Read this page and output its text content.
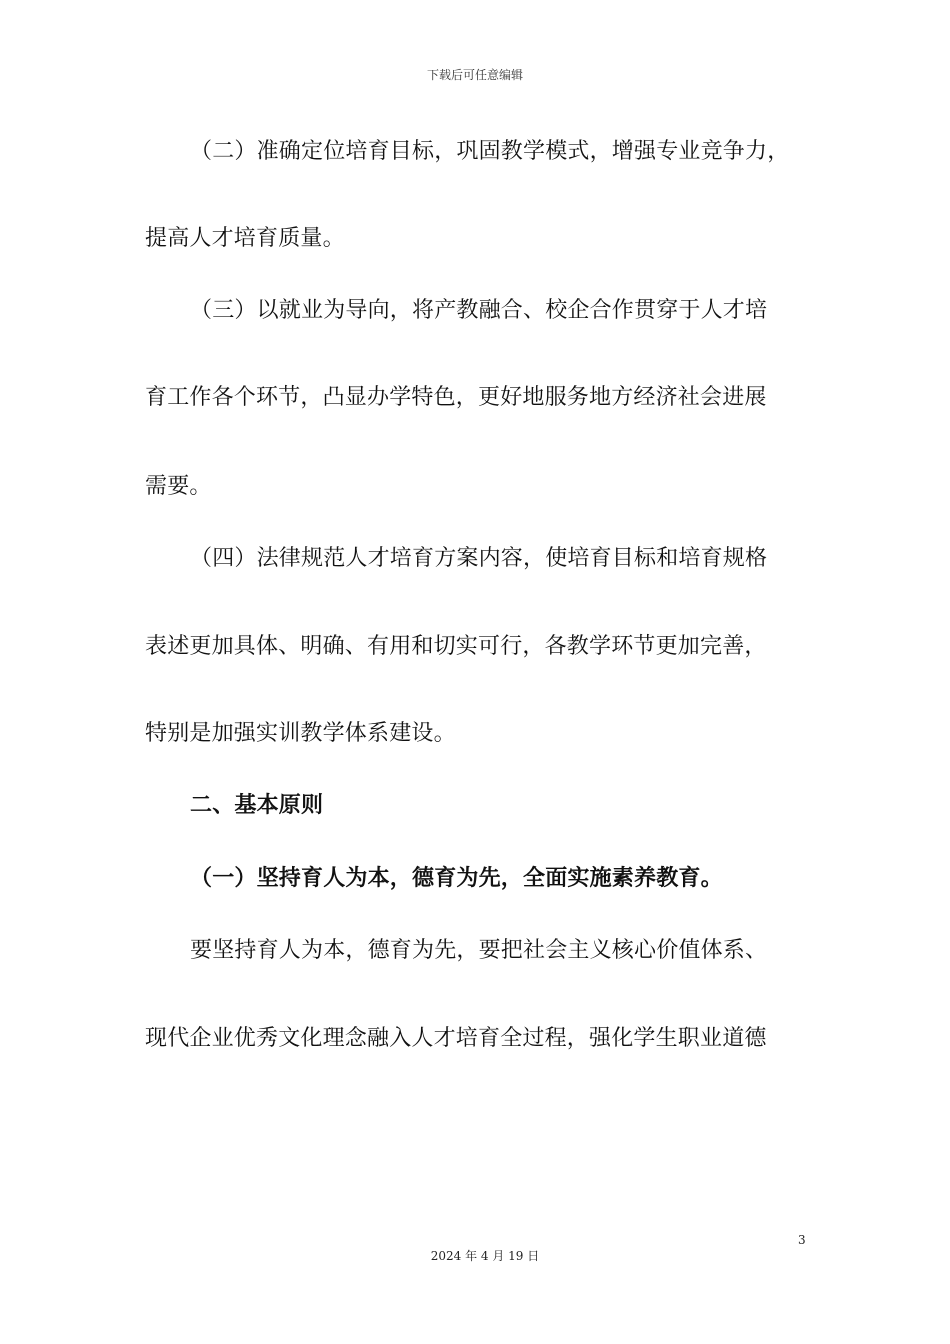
下载后可任意编辑
（二）准确定位培育目标，巩固教学模式，增强专业竞争力，
提高人才培育质量。
（三）以就业为导向，将产教融合、校企合作贯穿于人才培
育工作各个环节，凸显办学特色，更好地服务地方经济社会进展
需要。
（四）法律规范人才培育方案内容，使培育目标和培育规格
表述更加具体、明确、有用和切实可行，各教学环节更加完善，
特别是加强实训教学体系建设。
二、基本原则
（一）坚持育人为本，德育为先，全面实施素养教育。
要坚持育人为本，德育为先，要把社会主义核心价值体系、
现代企业优秀文化理念融入人才培育全过程，强化学生职业道德
3
2024 年 4 月 19 日
